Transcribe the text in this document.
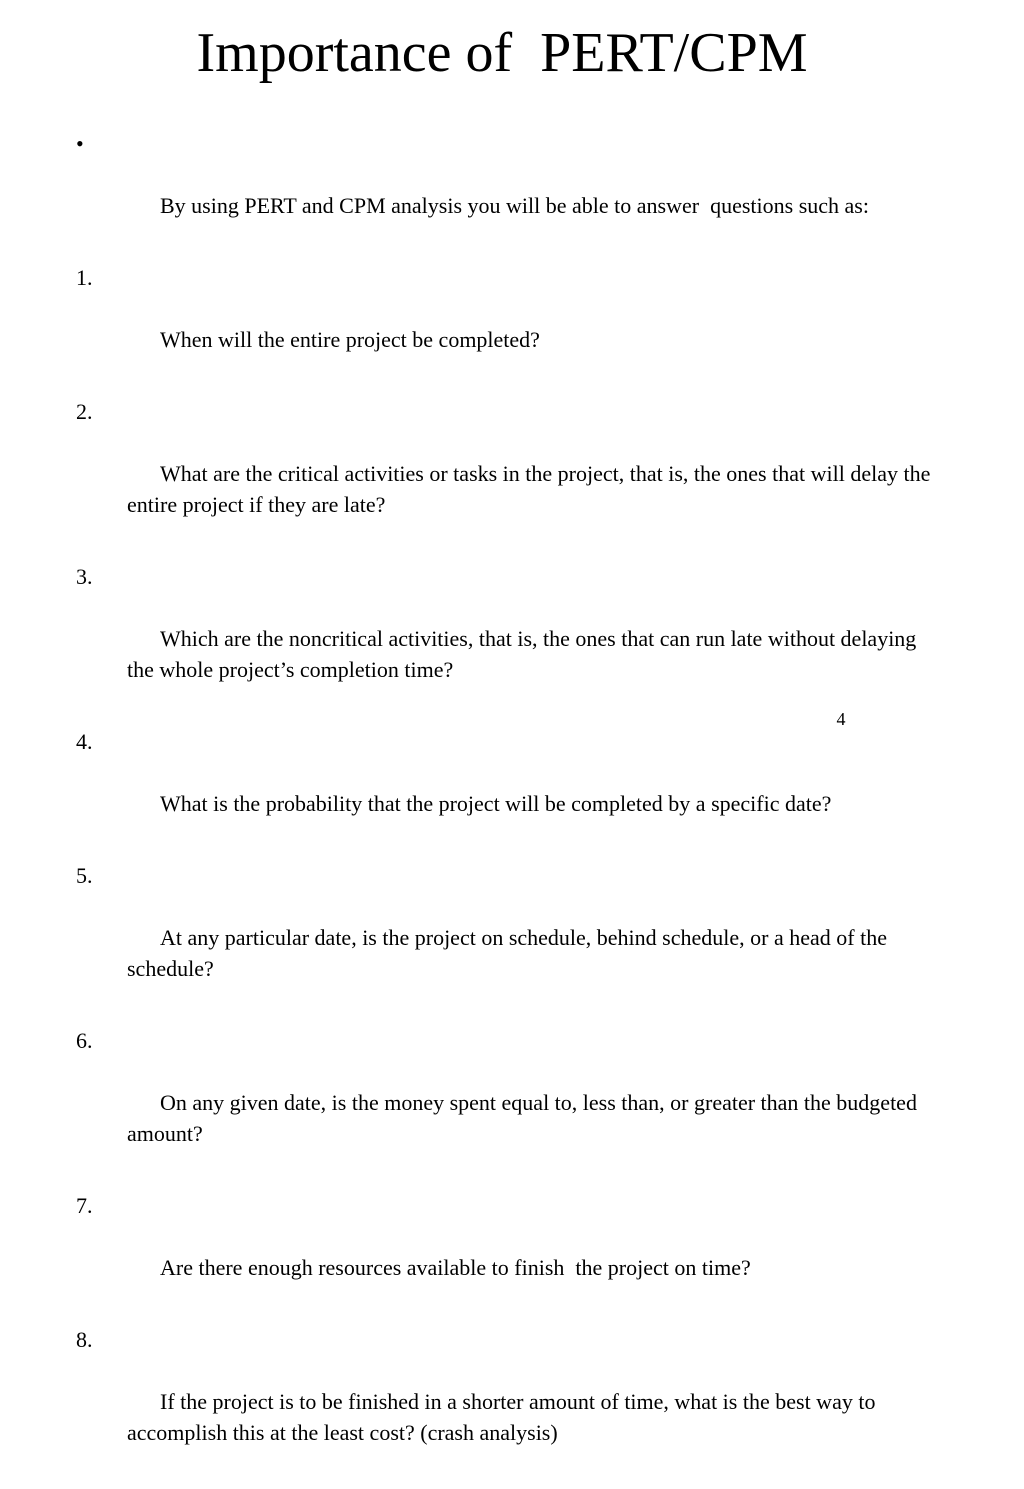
Importance of  PERT/CPM

•

By using PERT and CPM analysis you will be able to answer  questions such as:

1.

When will the entire project be completed?

2.

What are the critical activities or tasks in the project, that is, the ones that will delay the entire project if they are late?

3.

Which are the noncritical activities, that is, the ones that can run late without delaying the whole project’s completion time?

4.

What is the probability that the project will be completed by a specific date?

5.

At any particular date, is the project on schedule, behind schedule, or a head of the schedule?

6.

On any given date, is the money spent equal to, less than, or greater than the budgeted amount?

7.

Are there enough resources available to finish  the project on time?

8.

If the project is to be finished in a shorter amount of time, what is the best way to accomplish this at the least cost? (crash analysis)

4
